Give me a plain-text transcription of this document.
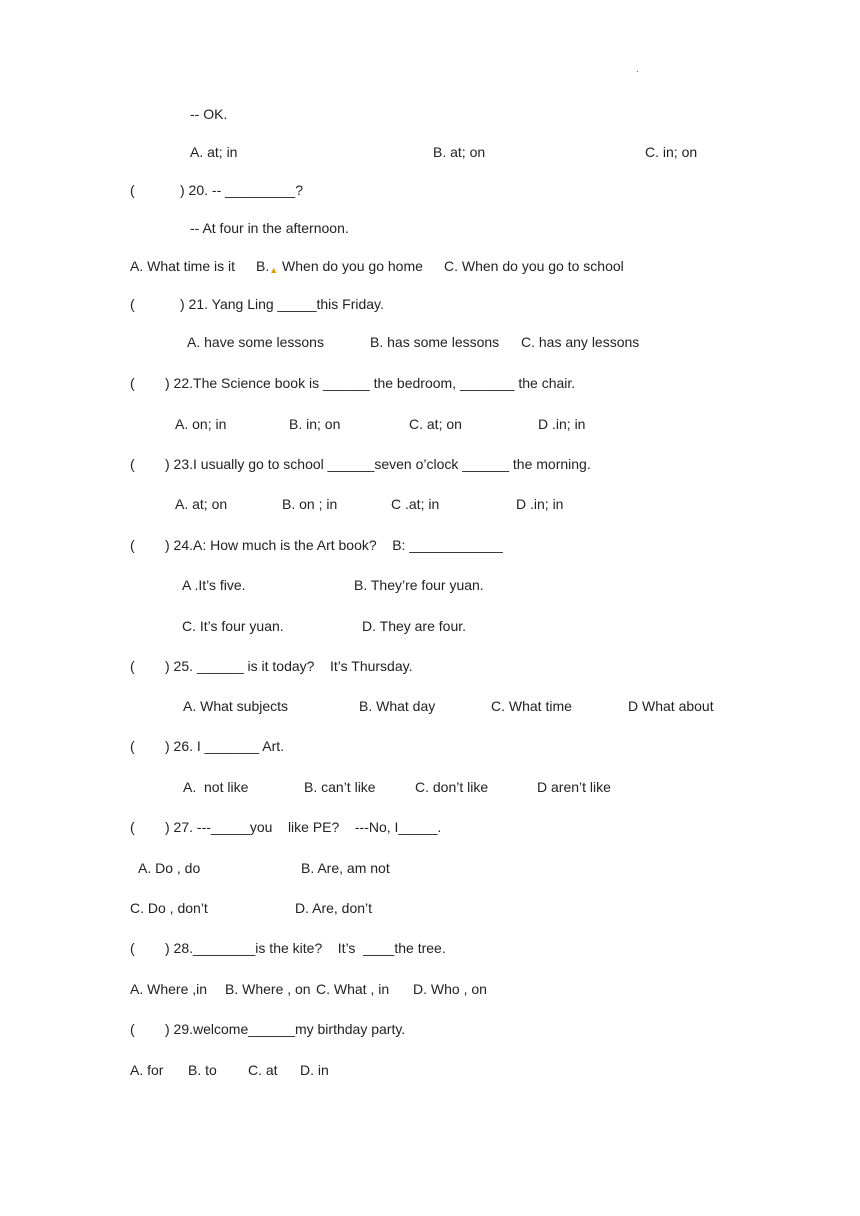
.
-- OK.
A. at; in	B. at; on	C. in; on
(	) 20. -- _________?
-- At four in the afternoon.
A. What time is it B.▲ When do you go home C. When do you go to school
(	) 21. Yang Ling _____this Friday.
A. have some lessons	B. has some lessons C. has any lessons
( ) 22.The Science book is ______ the bedroom, _______ the chair.
A. on; in	B. in; on	C. at; on	D .in; in
( ) 23.I usually go to school ______seven o’clock ______ the morning.
A. at; on	B. on ; in	C .at; in	D .in; in
( ) 24.A: How much is the Art book?    B: ____________
A .It’s five.	B. They’re four yuan.
C. It’s four yuan.	D. They are four.
( ) 25. ______ is it today?    It’s Thursday.
A. What subjects	B. What day	C. What time	D What about
( ) 26. I _______ Art.
A.  not like	B. can’t like	C. don’t like	D aren’t like
( ) 27. ---_____you    like PE?    ---No, I_____.
A. Do , do	B. Are, am not
C. Do , don’t	D. Are, don’t
( ) 28.________is the kite?    It’s  ____the tree.
A. Where ,in B. Where , on C. What , in D. Who , on
( ) 29.welcome______my birthday party.
A. for B. to C. at D. in
